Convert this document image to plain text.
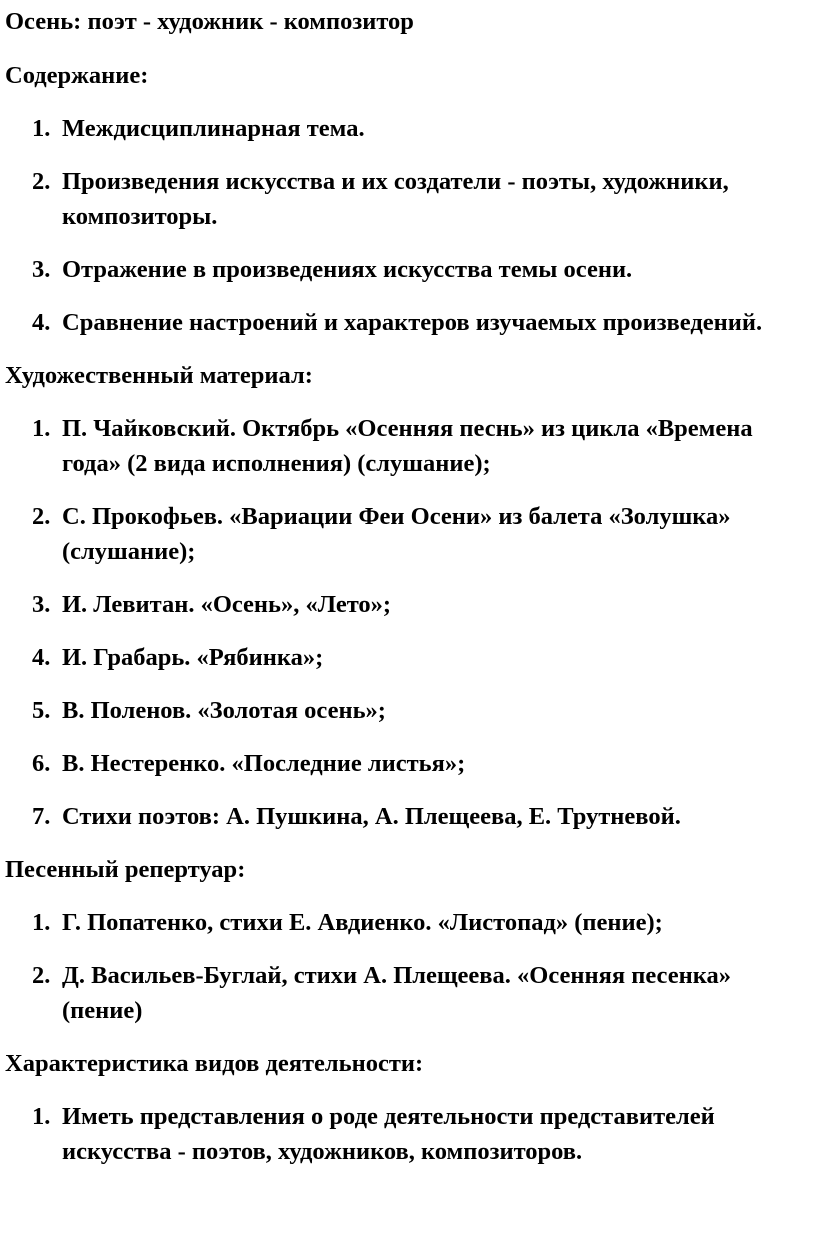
Осень: поэт - художник - композитор

Содержание:

1. Междисциплинарная тема.
2. Произведения искусства и их создатели - поэты, художники, композиторы.
3. Отражение в произведениях искусства темы осени.
4. Сравнение настроений и характеров изучаемых произведений.

Художественный материал:

1. П. Чайковский. Октябрь «Осенняя песнь» из цикла «Времена года» (2 вида исполнения) (слушание);
2. С. Прокофьев. «Вариации Феи Осени» из балета «Золушка» (слушание);
3. И. Левитан. «Осень», «Лето»;
4. И. Грабарь. «Рябинка»;
5. В. Поленов. «Золотая осень»;
6. В. Нестеренко. «Последние листья»;
7. Стихи поэтов: А. Пушкина, А. Плещеева, Е. Трутневой.

Песенный репертуар:

1. Г. Попатенко, стихи Е. Авдиенко. «Листопад» (пение);
2. Д. Васильев-Буглай, стихи А. Плещеева. «Осенняя песенка» (пение)

Характеристика видов деятельности:

1. Иметь представления о роде деятельности представителей искусства - поэтов, художников, композиторов.
